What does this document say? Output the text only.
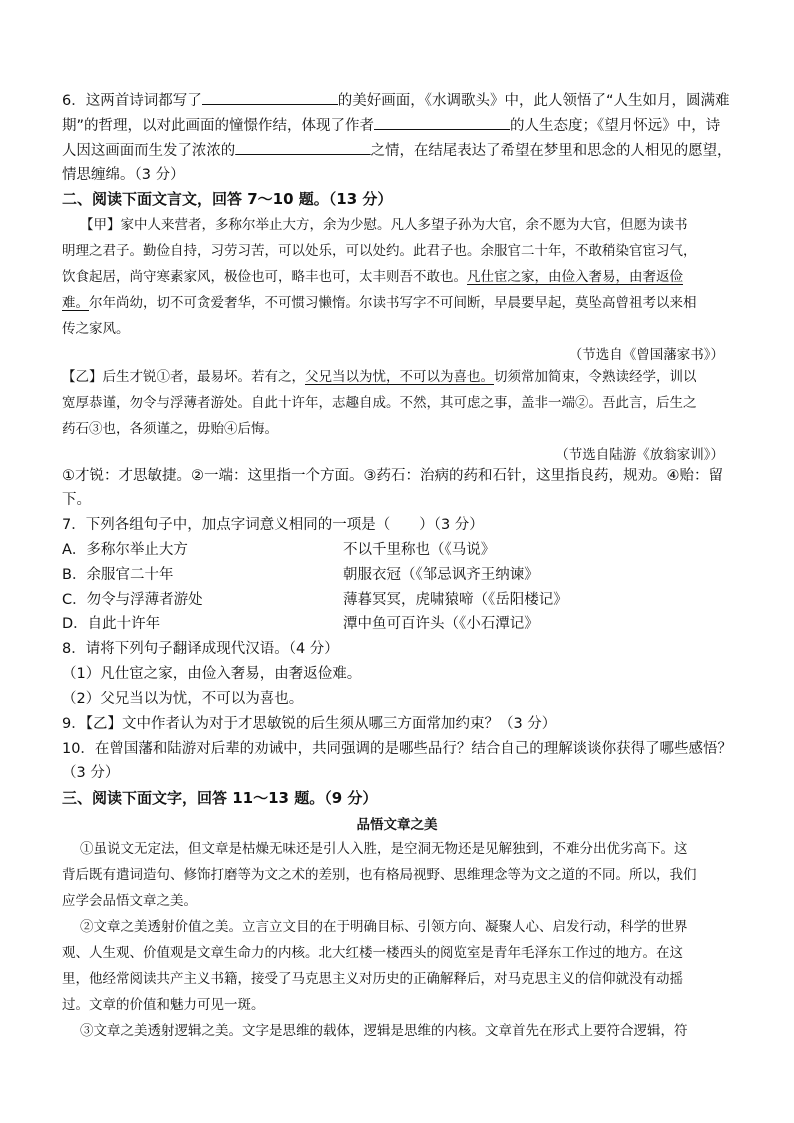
6．这两首诗词都写了	的美好画面，《水调歌头》中，此人领悟了“人生如月，圆满难
期”的哲理，以对此画面的憧憬作结，体现了作者	的人生态度；《望月怀远》中，诗
人因这画面而生发了浓浓的	之情，在结尾表达了希望在梦里和思念的人相见的愿望，
情思缠绵。（3 分）
二、阅读下面文言文，回答 7～10 题。（13 分）
【甲】家中人来营者，多称尔举止大方，余为少慰。凡人多望子孙为大官，余不愿为大官，但愿为读书
明理之君子。勤俭自持，习劳习苦，可以处乐，可以处约。此君子也。余服官二十年，不敢稍染官宦习气，
饮食起居，尚守寒素家风，极俭也可，略丰也可，太丰则吾不敢也。凡仕宦之家，由俭入奢易，由奢返俭
难。尔年尚幼，切不可贪爱奢华，不可惯习懒惰。尔读书写字不可间断，早晨要早起，莫坠高曾祖考以来相
传之家风。
（节选自《曾国藩家书》）
【乙】后生才锐①者，最易坏。若有之，父兄当以为忧，不可以为喜也。切须常加简束，令熟读经学，训以
宽厚恭谨，勿令与浮薄者游处。自此十许年，志趣自成。不然，其可虑之事，盖非一端②。吾此言，后生之
药石③也，各须谨之，毋贻④后悔。
（节选自陆游《放翁家训》）
①才锐：才思敏捷。②一端：这里指一个方面。③药石：治病的药和石针，这里指良药，规劝。④贻：留
下。
7．下列各组句子中，加点字词意义相同的一项是（　　）（3 分）
A．多称尔举止大方	不以千里称也（《马说》
B．余服官二十年	朝服衣冠（《邹忌讽齐王纳谏》
C．勿令与浮薄者游处	薄暮冥冥，虎啸猿啼（《岳阳楼记》
D．自此十许年	潭中鱼可百许头（《小石潭记》
8．请将下列句子翻译成现代汉语。（4 分）
（1）凡仕宦之家，由俭入奢易，由奢返俭难。
（2）父兄当以为忧，不可以为喜也。
9．【乙】文中作者认为对于才思敏锐的后生须从哪三方面常加约束？（3 分）
10．在曾国藩和陆游对后辈的劝诫中，共同强调的是哪些品行？结合自己的理解谈谈你获得了哪些感悟？
（3 分）
三、阅读下面文字，回答 11～13 题。（9 分）
品悟文章之美
①虽说文无定法，但文章是枯燥无味还是引人入胜，是空洞无物还是见解独到，不难分出优劣高下。这
背后既有遣词造句、修饰打磨等为文之术的差别，也有格局视野、思维理念等为文之道的不同。所以，我们
应学会品悟文章之美。
②文章之美透射价值之美。立言立文目的在于明确目标、引领方向、凝聚人心、启发行动，科学的世界
观、人生观、价值观是文章生命力的内核。北大红楼一楼西头的阅览室是青年毛泽东工作过的地方。在这
里，他经常阅读共产主义书籍，接受了马克思主义对历史的正确解释后，对马克思主义的信仰就没有动摇
过。文章的价值和魅力可见一斑。
③文章之美透射逻辑之美。文字是思维的载体，逻辑是思维的内核。文章首先在形式上要符合逻辑，符
